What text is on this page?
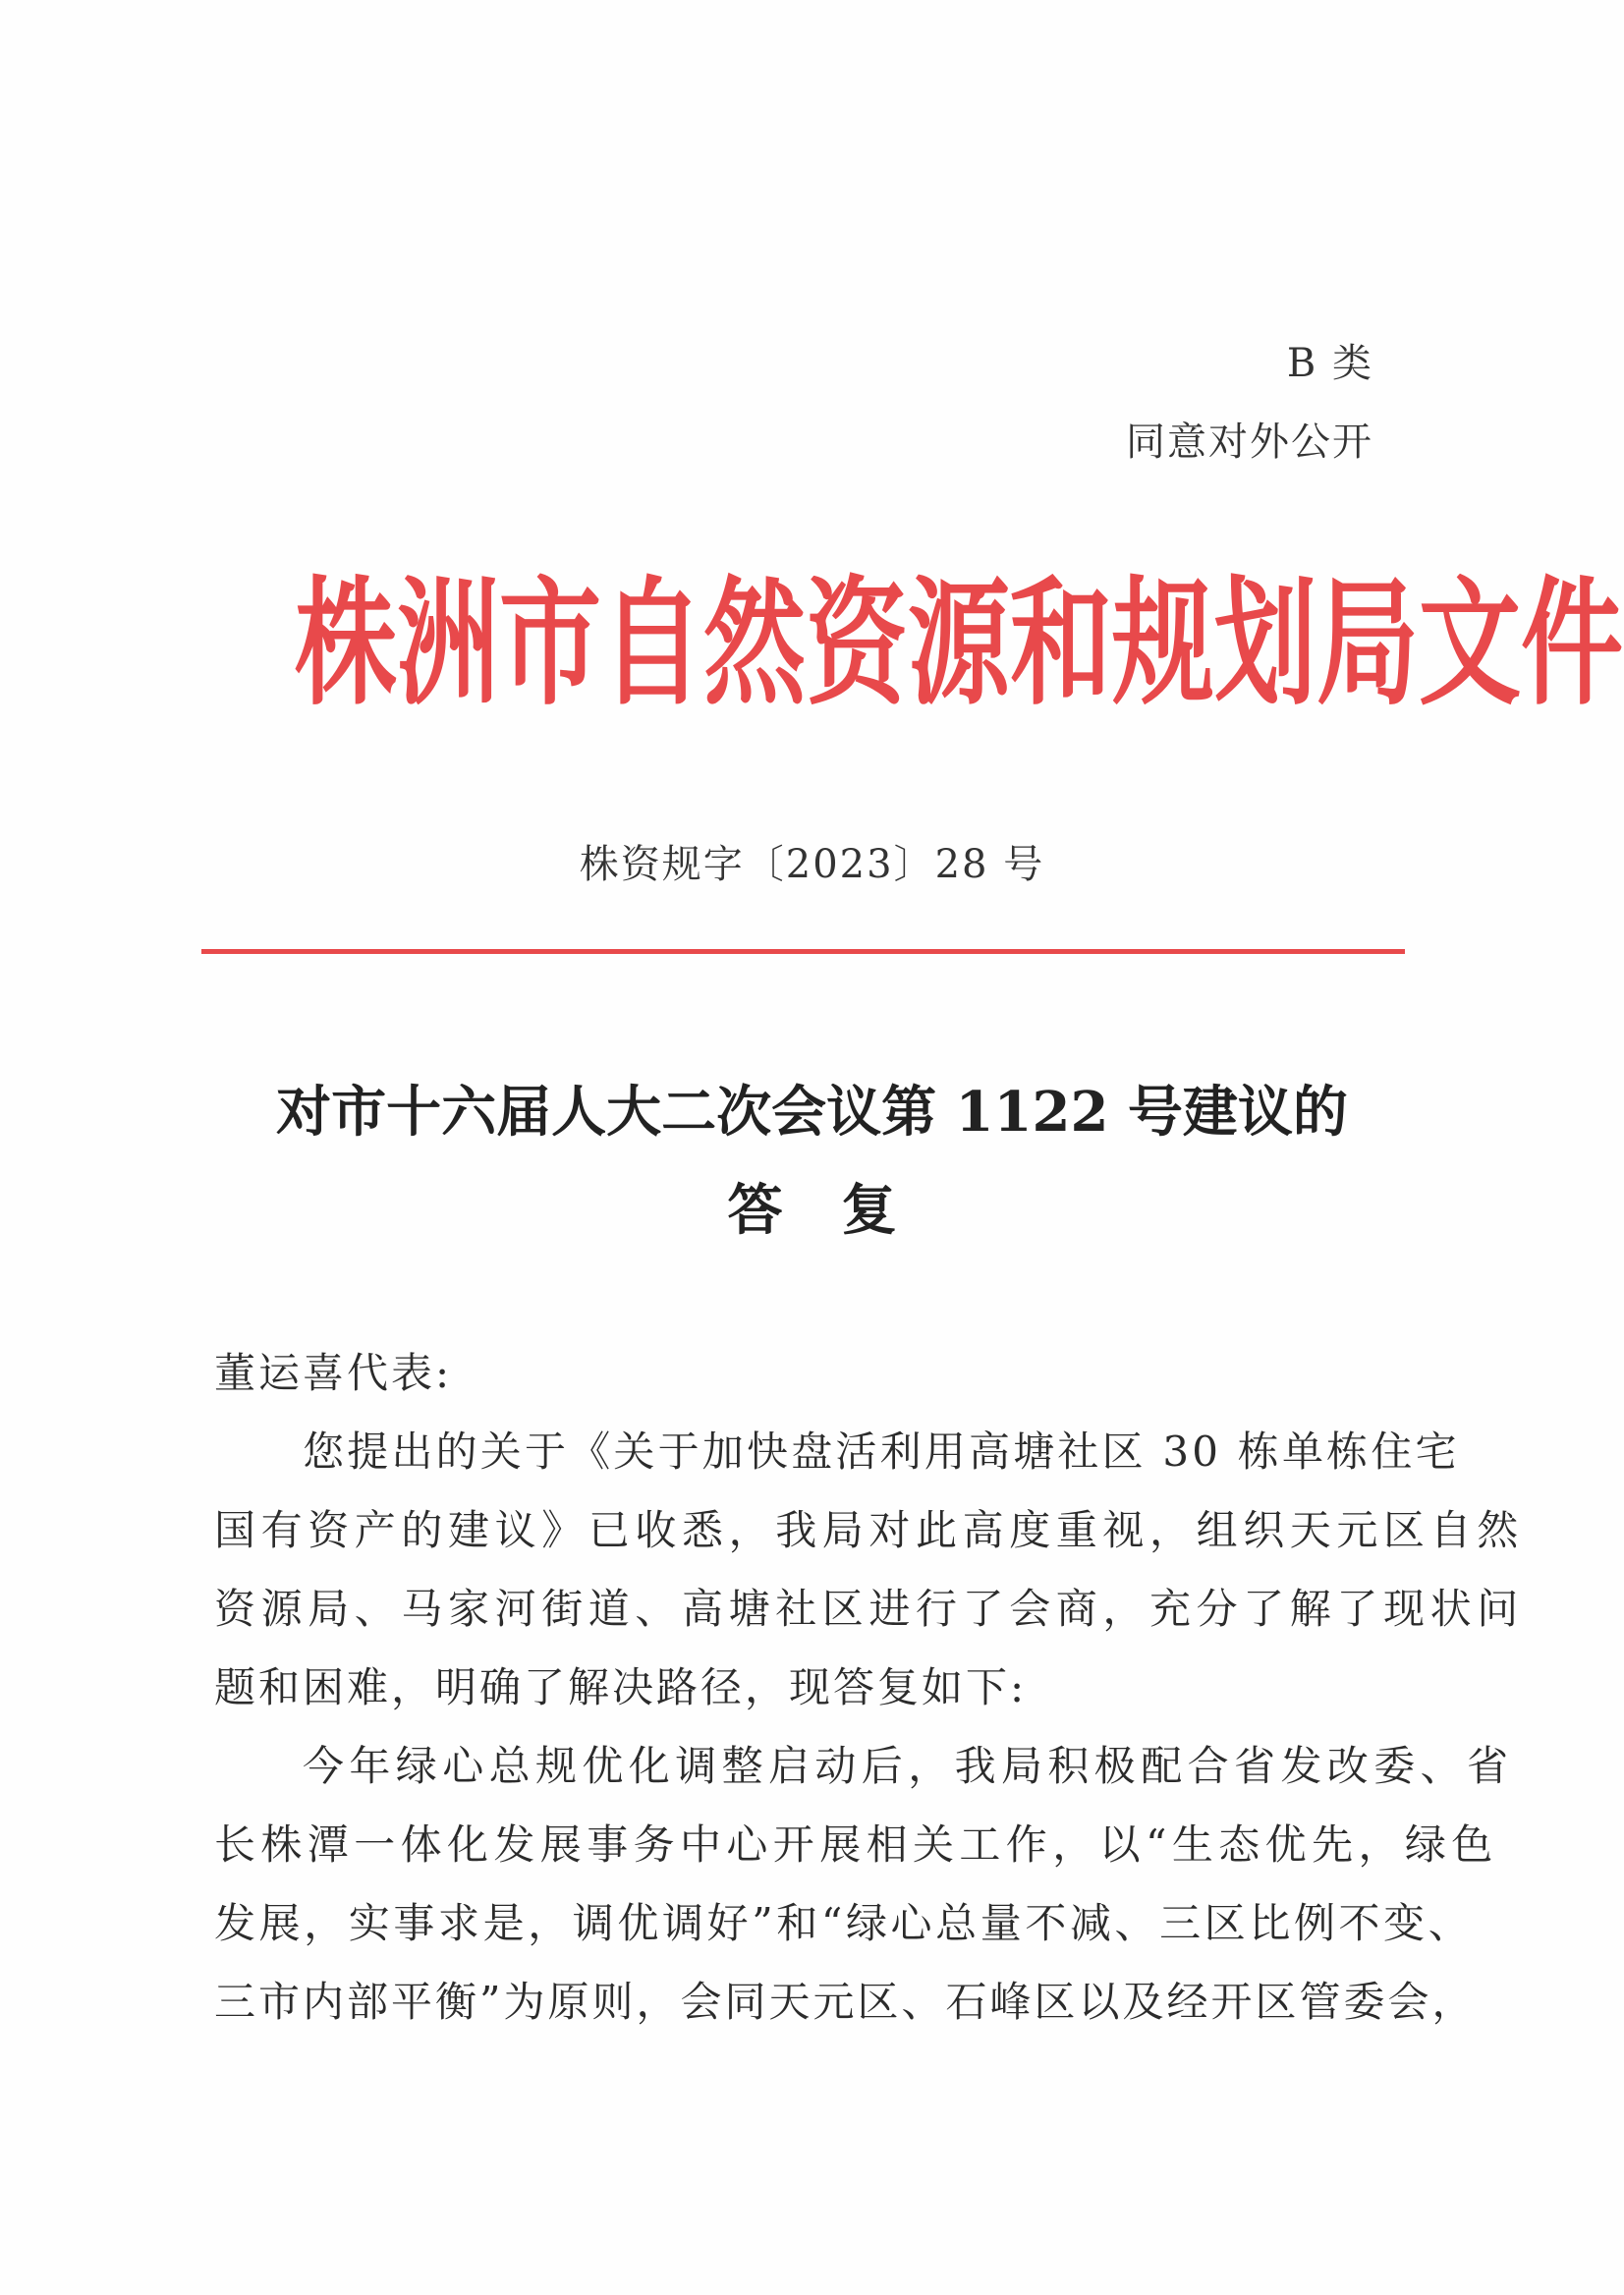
B 类
同意对外公开
株洲市自然资源和规划局文件
株资规字〔2023〕28 号
对市十六届人大二次会议第 1122 号建议的
答复
董运喜代表:
您提出的关于《关于加快盘活利用高塘社区 30 栋单栋住宅
国有资产的建议》已收悉，我局对此高度重视，组织天元区自然
资源局、马家河街道、高塘社区进行了会商，充分了解了现状问
题和困难，明确了解决路径，现答复如下:
今年绿心总规优化调整启动后，我局积极配合省发改委、省
长株潭一体化发展事务中心开展相关工作，以“生态优先，绿色
发展，实事求是，调优调好”和“绿心总量不减、三区比例不变、
三市内部平衡”为原则，会同天元区、石峰区以及经开区管委会，
